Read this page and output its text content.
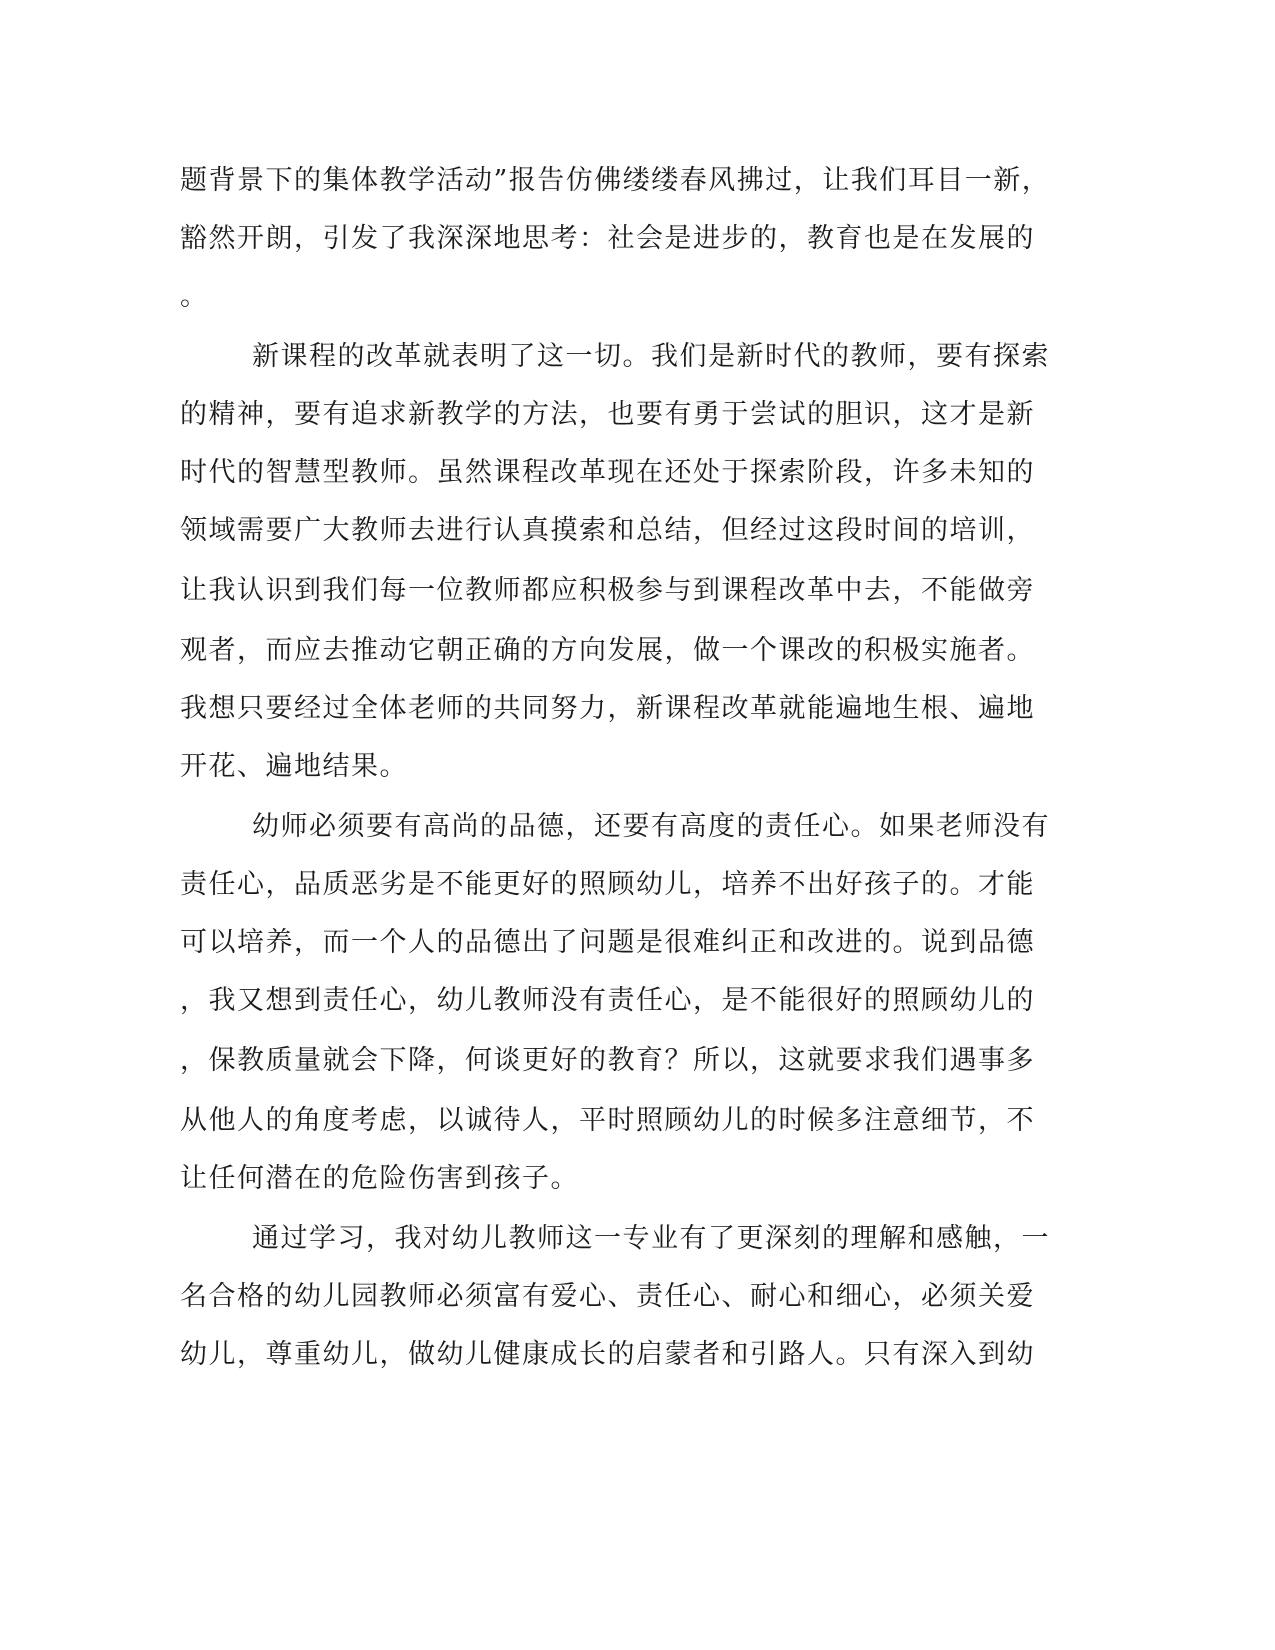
题背景下的集体教学活动”报告仿佛缕缕春风拂过，让我们耳目一新，
豁然开朗，引发了我深深地思考：社会是进步的，教育也是在发展的
。
新课程的改革就表明了这一切。我们是新时代的教师，要有探索
的精神，要有追求新教学的方法，也要有勇于尝试的胆识，这才是新
时代的智慧型教师。虽然课程改革现在还处于探索阶段，许多未知的
领域需要广大教师去进行认真摸索和总结，但经过这段时间的培训，
让我认识到我们每一位教师都应积极参与到课程改革中去，不能做旁
观者，而应去推动它朝正确的方向发展，做一个课改的积极实施者。
我想只要经过全体老师的共同努力，新课程改革就能遍地生根、遍地
开花、遍地结果。
幼师必须要有高尚的品德，还要有高度的责任心。如果老师没有
责任心，品质恶劣是不能更好的照顾幼儿，培养不出好孩子的。才能
可以培养，而一个人的品德出了问题是很难纠正和改进的。说到品德
，我又想到责任心，幼儿教师没有责任心，是不能很好的照顾幼儿的
，保教质量就会下降，何谈更好的教育？所以，这就要求我们遇事多
从他人的角度考虑，以诚待人，平时照顾幼儿的时候多注意细节，不
让任何潜在的危险伤害到孩子。
通过学习，我对幼儿教师这一专业有了更深刻的理解和感触，一
名合格的幼儿园教师必须富有爱心、责任心、耐心和细心，必须关爱
幼儿，尊重幼儿，做幼儿健康成长的启蒙者和引路人。只有深入到幼
